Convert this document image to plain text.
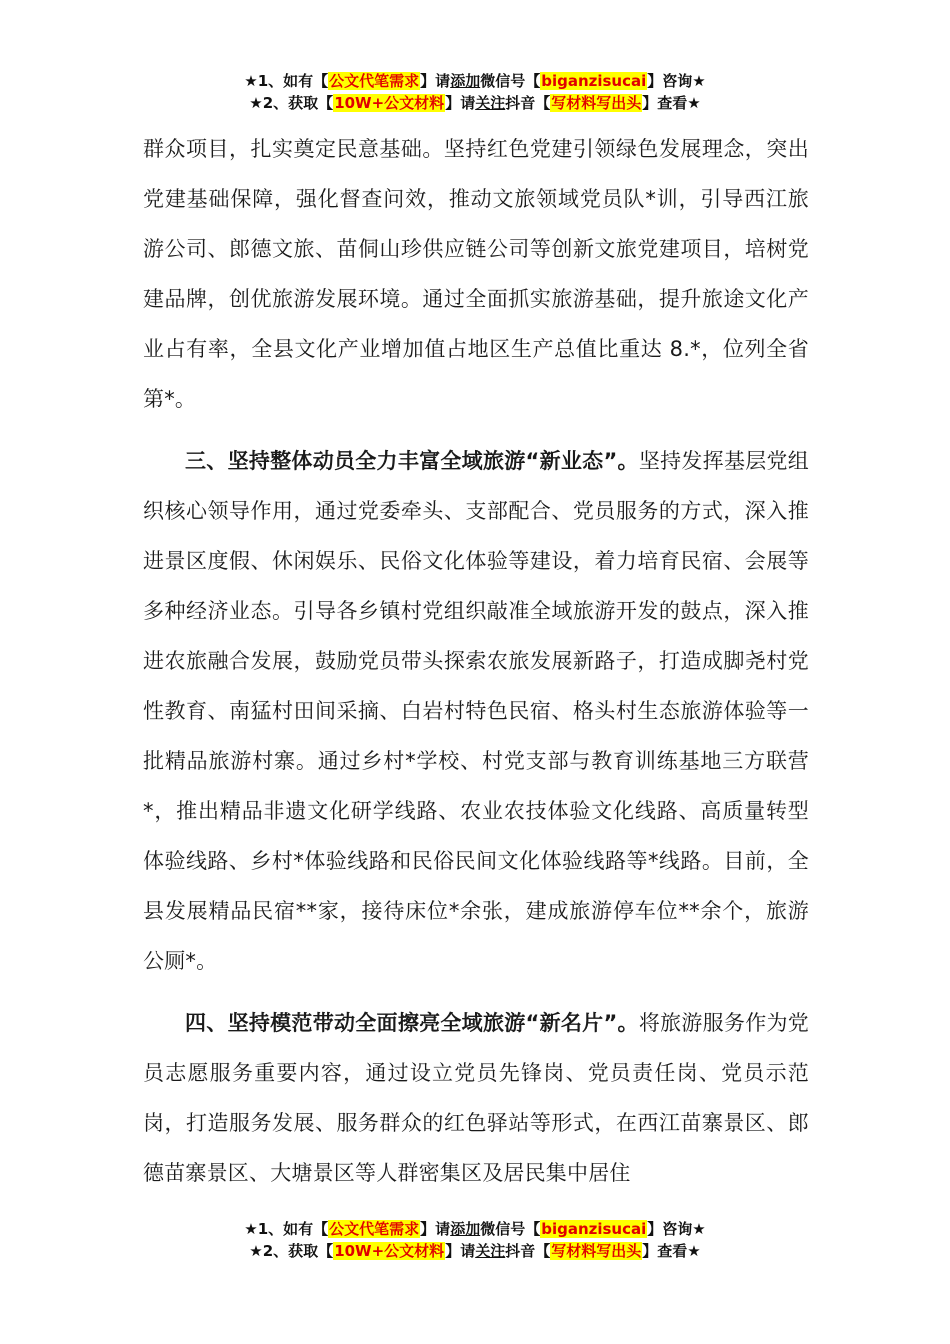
★1、如有【公文代笔需求】请添加微信号【biganzisucai】咨询★
★2、获取【10W+公文材料】请关注抖音【写材料写出头】查看★

群众项目，扎实奠定民意基础。坚持红色党建引领绿色发展理念，突出党建基础保障，强化督查问效，推动文旅领域党员队*训，引导西江旅游公司、郎德文旅、苗侗山珍供应链公司等创新文旅党建项目，培树党建品牌，创优旅游发展环境。通过全面抓实旅游基础，提升旅途文化产业占有率，全县文化产业增加值占地区生产总值比重达 8.*，位列全省第*。

三、坚持整体动员全力丰富全域旅游“新业态”。坚持发挥基层党组织核心领导作用，通过党委牵头、支部配合、党员服务的方式，深入推进景区度假、休闲娱乐、民俗文化体验等建设，着力培育民宿、会展等多种经济业态。引导各乡镇村党组织敲准全域旅游开发的鼓点，深入推进农旅融合发展，鼓励党员带头探索农旅发展新路子，打造成脚尧村党性教育、南猛村田间采摘、白岩村特色民宿、格头村生态旅游体验等一批精品旅游村寨。通过乡村*学校、村党支部与教育训练基地三方联营*，推出精品非遗文化研学线路、农业农技体验文化线路、高质量转型体验线路、乡村*体验线路和民俗民间文化体验线路等*线路。目前，全县发展精品民宿**家，接待床位*余张，建成旅游停车位**余个，旅游公厕*。

四、坚持模范带动全面擦亮全域旅游“新名片”。将旅游服务作为党员志愿服务重要内容，通过设立党员先锋岗、党员责任岗、党员示范岗，打造服务发展、服务群众的红色驿站等形式，在西江苗寨景区、郎德苗寨景区、大塘景区等人群密集区及居民集中居住

★1、如有【公文代笔需求】请添加微信号【biganzisucai】咨询★
★2、获取【10W+公文材料】请关注抖音【写材料写出头】查看★
